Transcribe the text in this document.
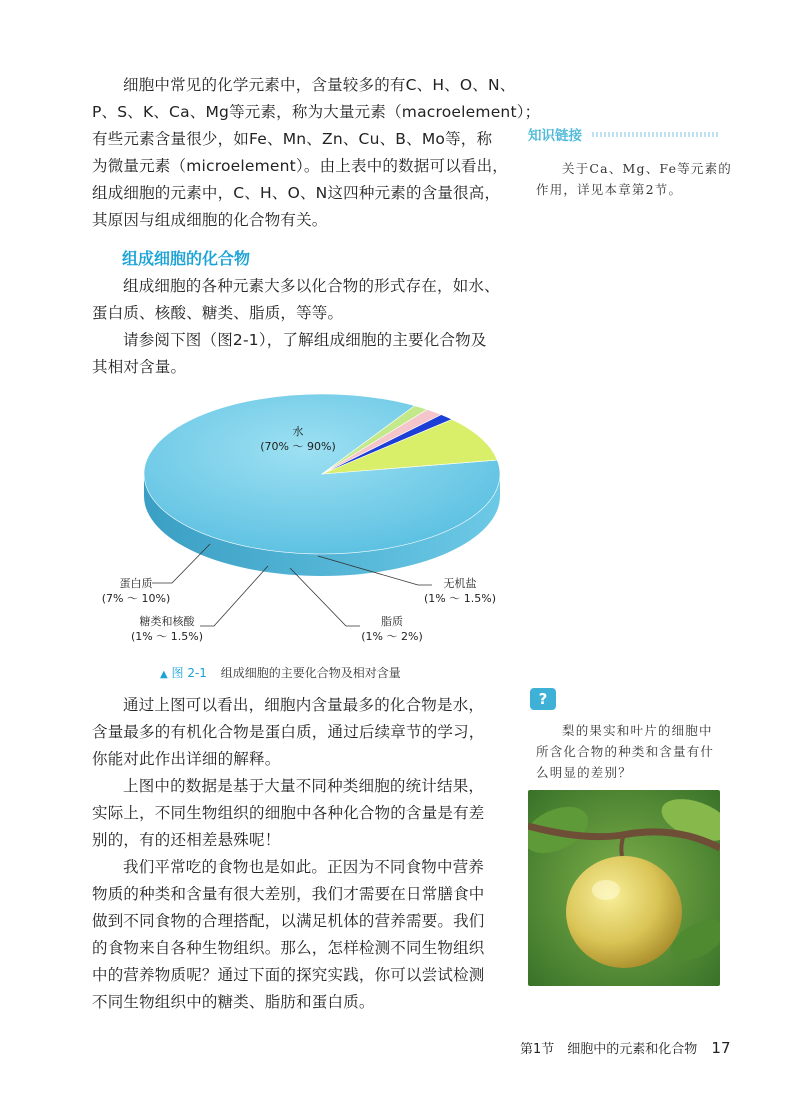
细胞中常见的化学元素中，含量较多的有C、H、O、N、
P、S、K、Ca、Mg等元素，称为大量元素（macroelement）；
有些元素含量很少，如Fe、Mn、Zn、Cu、B、Mo等，称
为微量元素（microelement）。由上表中的数据可以看出，
组成细胞的元素中，C、H、O、N这四种元素的含量很高，
其原因与组成细胞的化合物有关。

组成细胞的化合物

组成细胞的各种元素大多以化合物的形式存在，如水、
蛋白质、核酸、糖类、脂质，等等。

请参阅下图（图2-1），了解组成细胞的主要化合物及
其相对含量。

水
(70% ～ 90%)
蛋白质
(7% ～ 10%)
糖类和核酸
(1% ～ 1.5%)
脂质
(1% ～ 2%)
无机盐
(1% ～ 1.5%)
▲ 图 2-1 组成细胞的主要化合物及相对含量

通过上图可以看出，细胞内含量最多的化合物是水，
含量最多的有机化合物是蛋白质，通过后续章节的学习，
你能对此作出详细的解释。

上图中的数据是基于大量不同种类细胞的统计结果，
实际上，不同生物组织的细胞中各种化合物的含量是有差
别的，有的还相差悬殊呢！

我们平常吃的食物也是如此。正因为不同食物中营养
物质的种类和含量有很大差别，我们才需要在日常膳食中
做到不同食物的合理搭配，以满足机体的营养需要。我们
的食物来自各种生物组织。那么，怎样检测不同生物组织
中的营养物质呢？通过下面的探究实践，你可以尝试检测
不同生物组织中的糖类、脂肪和蛋白质。

知识链接

关于Ca、Mg、Fe等元素的
作用，详见本章第2节。

?

梨的果实和叶片的细胞中
所含化合物的种类和含量有什
么明显的差别？

第1节　细胞中的元素和化合物 17
